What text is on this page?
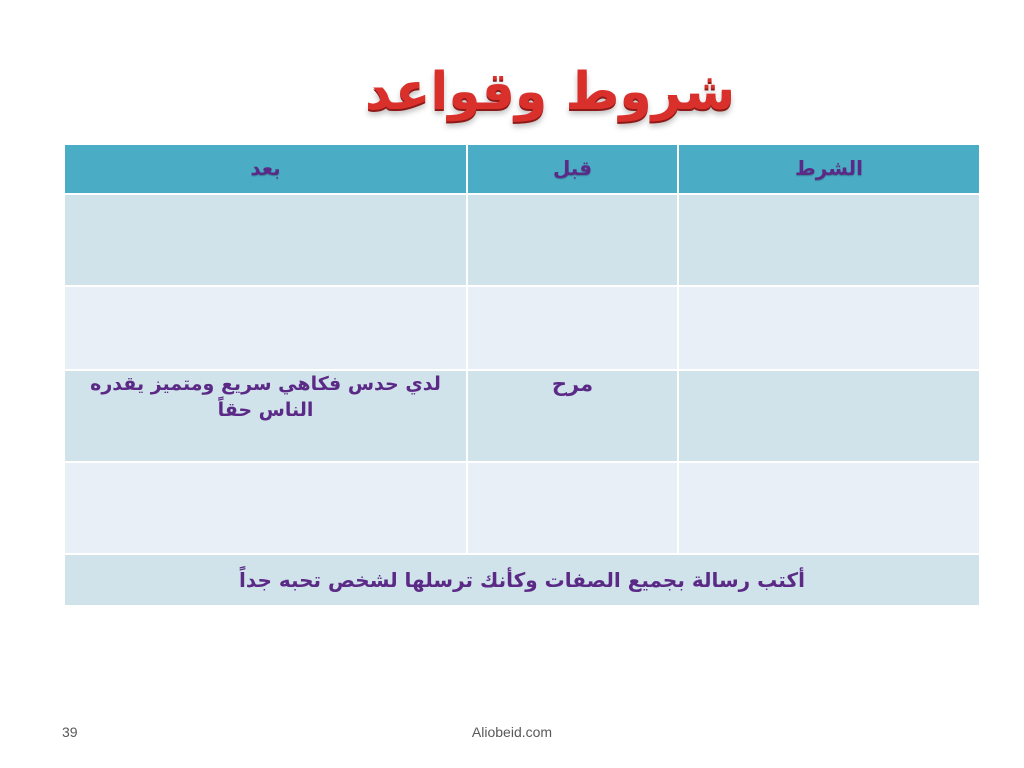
شروط وقواعد
الشرط	قبل	بعد

	مرح	لدي حدس فكاهي سريع ومتميز يقدره الناس حقاً

أكتب رسالة بجميع الصفات وكأنك ترسلها لشخص تحبه جداً		
39	Aliobeid.com
